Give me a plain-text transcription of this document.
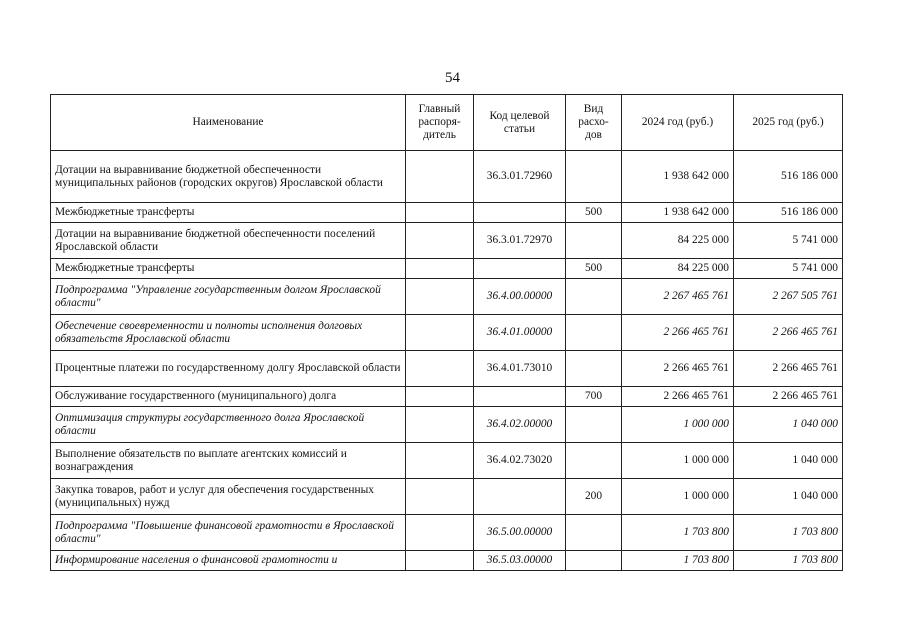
54
Наименование	Главный распоря-дитель	Код целевой статьи	Вид расхо-дов	2024 год (руб.)	2025 год (руб.)
Дотации на выравнивание бюджетной обеспеченности муниципальных районов (городских округов) Ярославской области		36.3.01.72960		1 938 642 000	516 186 000
Межбюджетные трансферты			500	1 938 642 000	516 186 000
Дотации на выравнивание бюджетной обеспеченности поселений Ярославской области		36.3.01.72970		84 225 000	5 741 000
Межбюджетные трансферты			500	84 225 000	5 741 000
Подпрограмма "Управление государственным долгом Ярославской области"		36.4.00.00000		2 267 465 761	2 267 505 761
Обеспечение своевременности и полноты исполнения долговых обязательств Ярославской области		36.4.01.00000		2 266 465 761	2 266 465 761
Процентные платежи по государственному долгу Ярославской области		36.4.01.73010		2 266 465 761	2 266 465 761
Обслуживание государственного (муниципального) долга			700	2 266 465 761	2 266 465 761
Оптимизация структуры государственного долга Ярославской области		36.4.02.00000		1 000 000	1 040 000
Выполнение обязательств по выплате агентских комиссий и вознаграждения		36.4.02.73020		1 000 000	1 040 000
Закупка товаров, работ и услуг для обеспечения государственных (муниципальных) нужд			200	1 000 000	1 040 000
Подпрограмма "Повышение финансовой грамотности в Ярославской области"		36.5.00.00000		1 703 800	1 703 800
Информирование населения о финансовой грамотности и		36.5.03.00000		1 703 800	1 703 800
